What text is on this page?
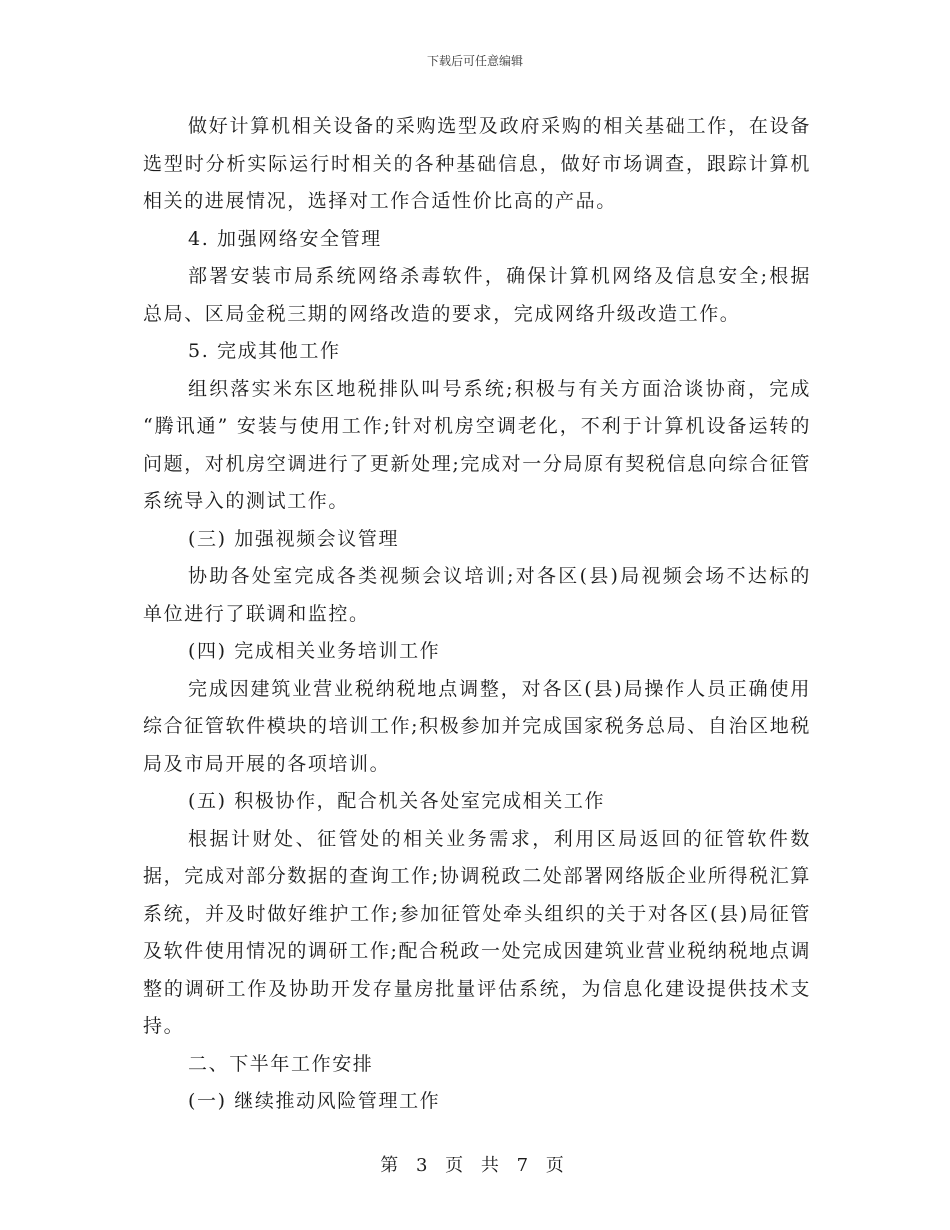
下载后可任意编辑

做好计算机相关设备的采购选型及政府采购的相关基础工作，在设备选型时分析实际运行时相关的各种基础信息，做好市场调查，跟踪计算机相关的进展情况，选择对工作合适性价比高的产品。

4. 加强网络安全管理

部署安装市局系统网络杀毒软件，确保计算机网络及信息安全;根据总局、区局金税三期的网络改造的要求，完成网络升级改造工作。

5. 完成其他工作

组织落实米东区地税排队叫号系统;积极与有关方面洽谈协商，完成 “腾讯通” 安装与使用工作;针对机房空调老化，不利于计算机设备运转的问题，对机房空调进行了更新处理;完成对一分局原有契税信息向综合征管系统导入的测试工作。

(三) 加强视频会议管理

协助各处室完成各类视频会议培训;对各区(县)局视频会场不达标的单位进行了联调和监控。

(四) 完成相关业务培训工作

完成因建筑业营业税纳税地点调整，对各区(县)局操作人员正确使用综合征管软件模块的培训工作;积极参加并完成国家税务总局、自治区地税局及市局开展的各项培训。

(五) 积极协作，配合机关各处室完成相关工作

根据计财处、征管处的相关业务需求，利用区局返回的征管软件数据，完成对部分数据的查询工作;协调税政二处部署网络版企业所得税汇算系统，并及时做好维护工作;参加征管处牵头组织的关于对各区(县)局征管及软件使用情况的调研工作;配合税政一处完成因建筑业营业税纳税地点调整的调研工作及协助开发存量房批量评估系统，为信息化建设提供技术支持。

二、下半年工作安排

(一) 继续推动风险管理工作

第 3 页 共 7 页
